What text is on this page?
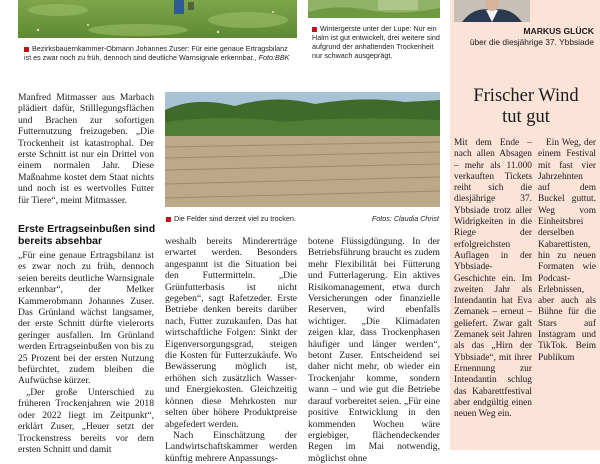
Bezirksbauernkammer-Obmann Johannes Zuser: Für eine genaue Ertragsbilanz ist es zwar noch zu früh, dennoch sind deutliche Warnsignale erkennbar., Foto:BBK
Wintergerste unter der Lupe: Nur ein Halm ist gut entwickelt, drei weitere sind aufgrund der anhaltenden Trockenheit nur schwach ausgeprägt.
MARKUS GLÜCK
über die diesjährige 37. Ybbsiade
Frischer Wind tut gut

Mit dem Ende – nach allen Absagen – mehr als 11.000 verkauften Tickets reiht sich die diesjährige 37. Ybbsiade trotz aller Widrigkeiten in die Riege der erfolgreichsten Auflagen in der Ybbsiade-Geschichte ein. Im zweiten Jahr als Intendantin hat Eva Zemanek – erneut – geliefert. Zwar galt Zemanek seit Jahren als das „Hirn der Ybbsiade“, mit ihrer Ernennung zur Intendantin schlug das Kabarettfestival aber endgültig einen neuen Weg ein.

Ein Weg, der einem Festival mit fast vier Jahrzehnten auf dem Buckel guttut. Weg vom Einheitsbrei derselben Kabarettisten, hin zu neuen Formaten wie Podcast-Erlebnissen, aber auch als Bühne für die Stars auf Instagram und TikTok. Beim Publikum

Die Felder sind derzeit viel zu trocken.	Fotos: Claudia Christ

Manfred Mitmasser aus Marbach plädiert dafür, Stilllegungsflächen und Brachen zur sofortigen Futternutzung freizugeben. „Die Trockenheit ist katastrophal. Der erste Schnitt ist nur ein Drittel von einem normalen Jahr. Diese Maßnahme kostet dem Staat nichts und noch ist es wertvolles Futter für Tiere“, meint Mitmasser.

Erste Ertragseinbußen sind bereits absehbar

„Für eine genaue Ertragsbilanz ist es zwar noch zu früh, dennoch seien bereits deutliche Warnsignale erkennbar“, der Melker Kammerobmann Johannes Zuser. Das Grünland wächst langsamer, der erste Schnitt dürfte vielerorts geringer ausfallen. Im Grünland werden Ertragseinbußen von bis zu 25 Prozent bei der ersten Nutzung befürchtet, zudem bleiben die Aufwüchse kürzer.

„Der große Unterschied zu früheren Trockenjahren wie 2018 oder 2022 liegt im Zeitpunkt“, erklärt Zuser, „Heuer setzt der Trockenstress bereits vor dem ersten Schnitt und damit

weshalb bereits Mindererträge erwartet werden. Besonders angespannt ist die Situation bei den Futtermitteln. „Die Grünfutterbasis ist nicht gegeben“, sagt Rafetzeder. Erste Betriebe denken bereits darüber nach, Futter zuzukaufen. Das hat wirtschaftliche Folgen: Sinkt der Eigenversorgungsgrad, steigen die Kosten für Futterzukäufe. Wo Bewässerung möglich ist, erhöhen sich zusätzlich Wasser- und Energiekosten. Gleichzeitig können diese Mehrkosten nur selten über höhere Produktpreise abgefedert werden.

Nach Einschätzung der Landwirtschaftskammer werden künftig mehrere Anpassungs-

botene Flüssigdüngung. In der Betriebsführung braucht es zudem mehr Flexibilität bei Fütterung und Futterlagerung. Ein aktives Risikomanagement, etwa durch Versicherungen oder finanzielle Reserven, wird ebenfalls wichtiger. „Die Klimadaten zeigen klar, dass Trockenphasen häufiger und länger werden“, betont Zuser. Entscheidend sei daher nicht mehr, ob wieder ein Trockenjahr komme, sondern wann – und wie gut die Betriebe darauf vorbereitet seien. „Für eine positive Entwicklung in den kommenden Wochen wäre ergiebiger, flächendeckender Regen im Mai notwendig, möglichst ohne
